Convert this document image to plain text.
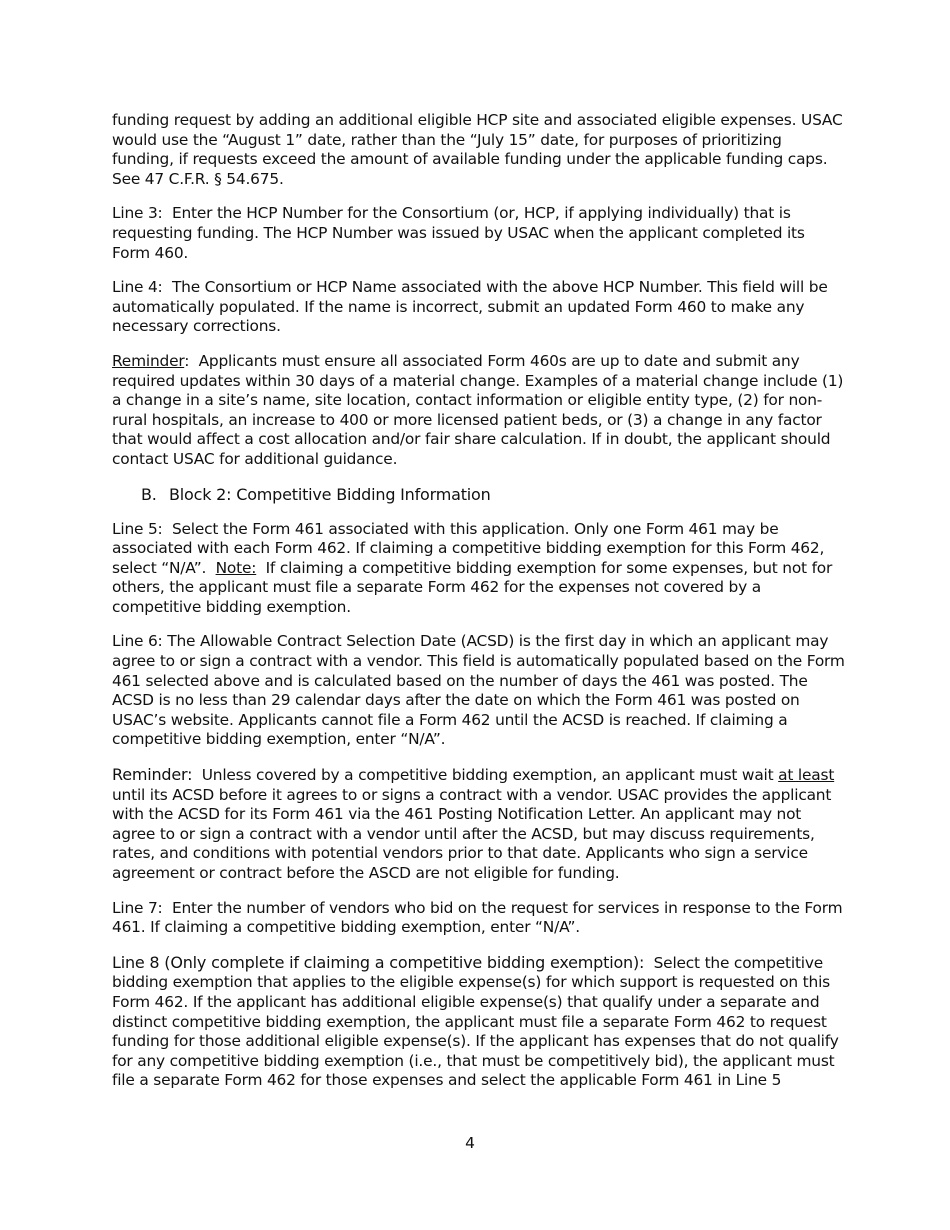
funding request by adding an additional eligible HCP site and associated eligible expenses. USAC would use the “August 1” date, rather than the “July 15” date, for purposes of prioritizing funding, if requests exceed the amount of available funding under the applicable funding caps. See 47 C.F.R. § 54.675.

Line 3: Enter the HCP Number for the Consortium (or, HCP, if applying individually) that is requesting funding. The HCP Number was issued by USAC when the applicant completed its Form 460.

Line 4: The Consortium or HCP Name associated with the above HCP Number. This field will be automatically populated. If the name is incorrect, submit an updated Form 460 to make any necessary corrections.

Reminder:  Applicants must ensure all associated Form 460s are up to date and submit any required updates within 30 days of a material change. Examples of a material change include (1) a change in a site’s name, site location, contact information or eligible entity type, (2) for non-rural hospitals, an increase to 400 or more licensed patient beds, or (3) a change in any factor that would affect a cost allocation and/or fair share calculation. If in doubt, the applicant should contact USAC for additional guidance.

B. Block 2: Competitive Bidding Information

Line 5: Select the Form 461 associated with this application. Only one Form 461 may be associated with each Form 462. If claiming a competitive bidding exemption for this Form 462, select “N/A”. Note: If claiming a competitive bidding exemption for some expenses, but not for others, the applicant must file a separate Form 462 for the expenses not covered by a competitive bidding exemption.

Line 6: The Allowable Contract Selection Date (ACSD) is the first day in which an applicant may agree to or sign a contract with a vendor. This field is automatically populated based on the Form 461 selected above and is calculated based on the number of days the 461 was posted. The ACSD is no less than 29 calendar days after the date on which the Form 461 was posted on USAC’s website. Applicants cannot file a Form 462 until the ACSD is reached. If claiming a competitive bidding exemption, enter “N/A”.

Reminder: Unless covered by a competitive bidding exemption, an applicant must wait at least until its ACSD before it agrees to or signs a contract with a vendor. USAC provides the applicant with the ACSD for its Form 461 via the 461 Posting Notification Letter. An applicant may not agree to or sign a contract with a vendor until after the ACSD, but may discuss requirements, rates, and conditions with potential vendors prior to that date. Applicants who sign a service agreement or contract before the ASCD are not eligible for funding.

Line 7: Enter the number of vendors who bid on the request for services in response to the Form 461. If claiming a competitive bidding exemption, enter “N/A”.

Line 8 (Only complete if claiming a competitive bidding exemption): Select the competitive bidding exemption that applies to the eligible expense(s) for which support is requested on this Form 462. If the applicant has additional eligible expense(s) that qualify under a separate and distinct competitive bidding exemption, the applicant must file a separate Form 462 to request funding for those additional eligible expense(s). If the applicant has expenses that do not qualify for any competitive bidding exemption (i.e., that must be competitively bid), the applicant must file a separate Form 462 for those expenses and select the applicable Form 461 in Line 5

4
